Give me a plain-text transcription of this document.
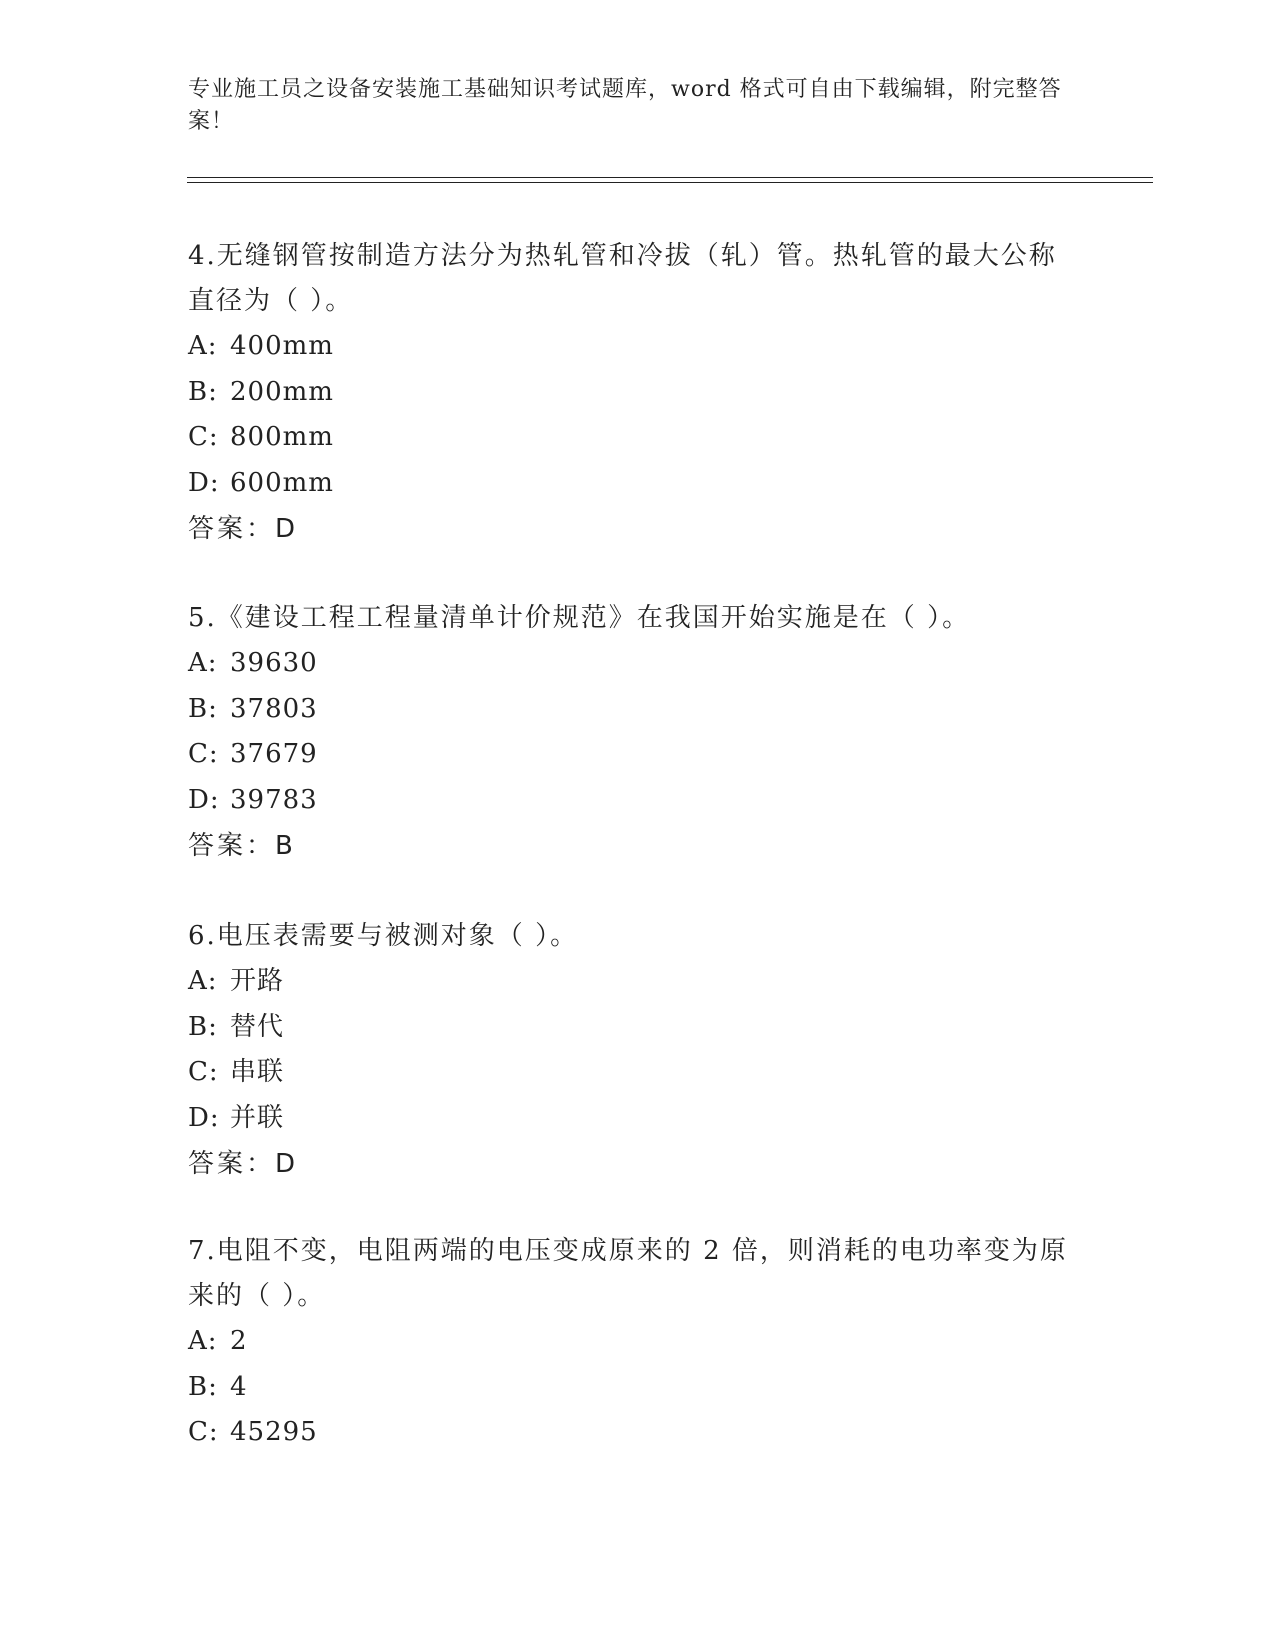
专业施工员之设备安装施工基础知识考试题库，word 格式可自由下载编辑，附完整答案！

4.无缝钢管按制造方法分为热轧管和冷拔（轧）管。热轧管的最大公称直径为（ ）。

A: 400mm

B: 200mm

C: 800mm

D: 600mm

答案：D

5.《建设工程工程量清单计价规范》在我国开始实施是在（ ）。

A: 39630

B: 37803

C: 37679

D: 39783

答案：B

6.电压表需要与被测对象（ ）。

A: 开路

B: 替代

C: 串联

D: 并联

答案：D

7.电阻不变，电阻两端的电压变成原来的 2 倍，则消耗的电功率变为原来的（ ）。

A: 2

B: 4

C: 45295
